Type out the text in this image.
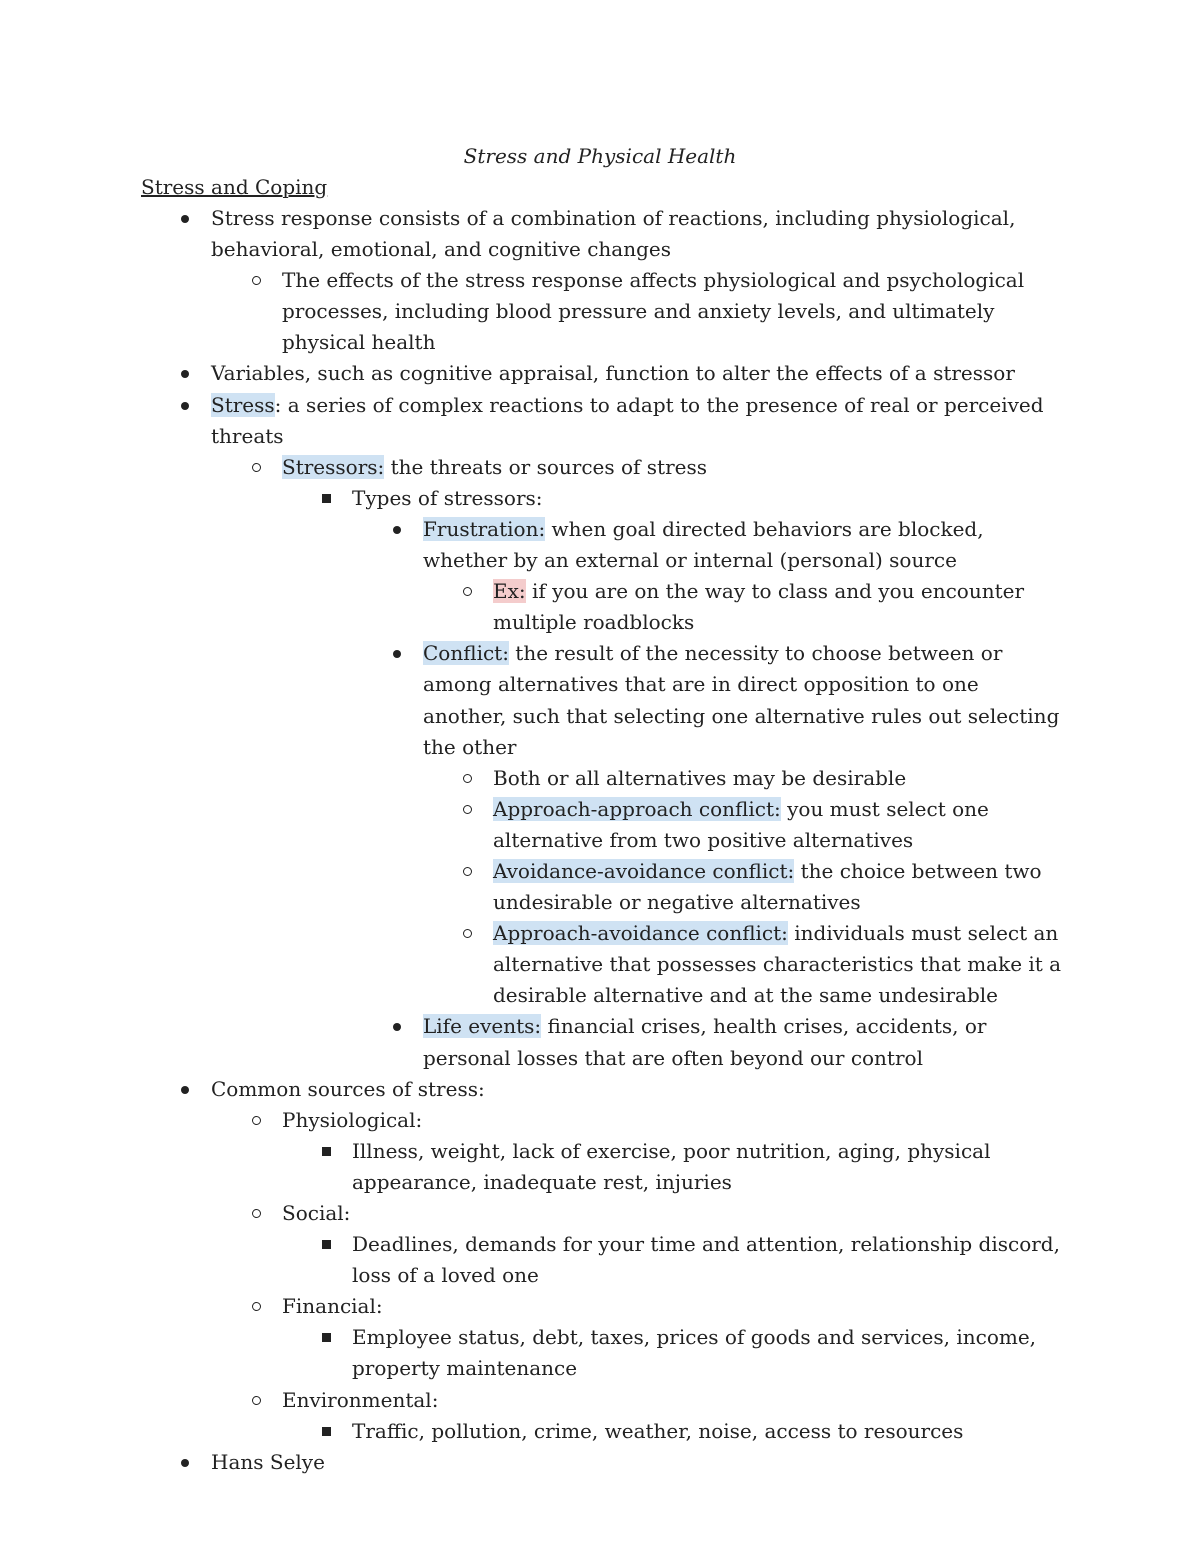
Stress and Physical Health
Stress and Coping
Stress response consists of a combination of reactions, including physiological, behavioral, emotional, and cognitive changes
The effects of the stress response affects physiological and psychological processes, including blood pressure and anxiety levels, and ultimately physical health
Variables, such as cognitive appraisal, function to alter the effects of a stressor
Stress: a series of complex reactions to adapt to the presence of real or perceived threats
Stressors: the threats or sources of stress
Types of stressors:
Frustration: when goal directed behaviors are blocked, whether by an external or internal (personal) source
Ex: if you are on the way to class and you encounter multiple roadblocks
Conflict: the result of the necessity to choose between or among alternatives that are in direct opposition to one another, such that selecting one alternative rules out selecting the other
Both or all alternatives may be desirable
Approach-approach conflict: you must select one alternative from two positive alternatives
Avoidance-avoidance conflict: the choice between two undesirable or negative alternatives
Approach-avoidance conflict: individuals must select an alternative that possesses characteristics that make it a desirable alternative and at the same undesirable
Life events: financial crises, health crises, accidents, or personal losses that are often beyond our control
Common sources of stress:
Physiological:
Illness, weight, lack of exercise, poor nutrition, aging, physical appearance, inadequate rest, injuries
Social:
Deadlines, demands for your time and attention, relationship discord, loss of a loved one
Financial:
Employee status, debt, taxes, prices of goods and services, income, property maintenance
Environmental:
Traffic, pollution, crime, weather, noise, access to resources
Hans Selye
